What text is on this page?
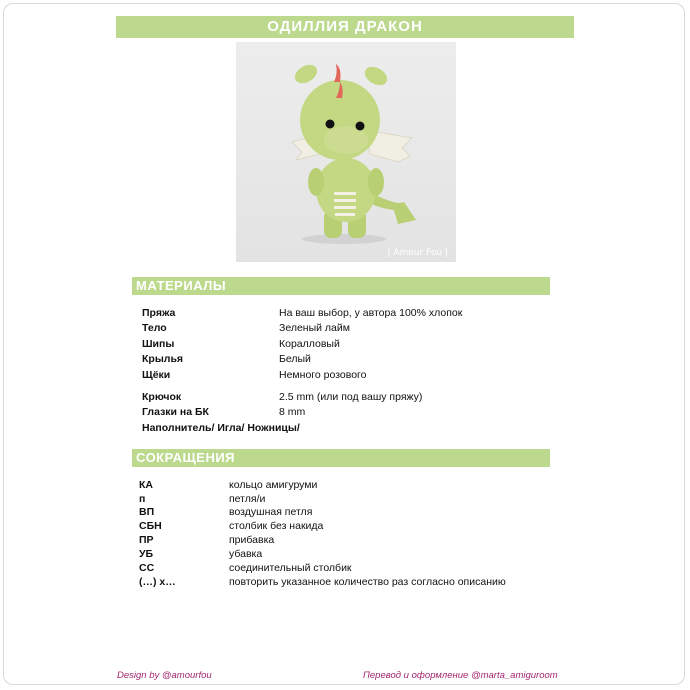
ОДИЛЛИЯ ДРАКОН
| Amour Fou |
МАТЕРИАЛЫ
Пряжа	На ваш выбор, у автора 100% хлопок
Тело	Зеленый лайм
Шипы	Коралловый
Крылья	Белый
Щёки	Немного розового
Крючок	2.5 mm (или под вашу пряжу)
Глазки на БК	8 mm
Наполнитель/ Игла/ Ножницы/
СОКРАЩЕНИЯ
КА	кольцо амигуруми
п	петля/и
ВП	воздушная петля
СБН	столбик без накида
ПР	прибавка
УБ	убавка
СС	соединительный столбик
(…) х…	повторить указанное количество раз согласно описанию
Design by @amourfou	Перевод и оформление @marta_amiguroom
